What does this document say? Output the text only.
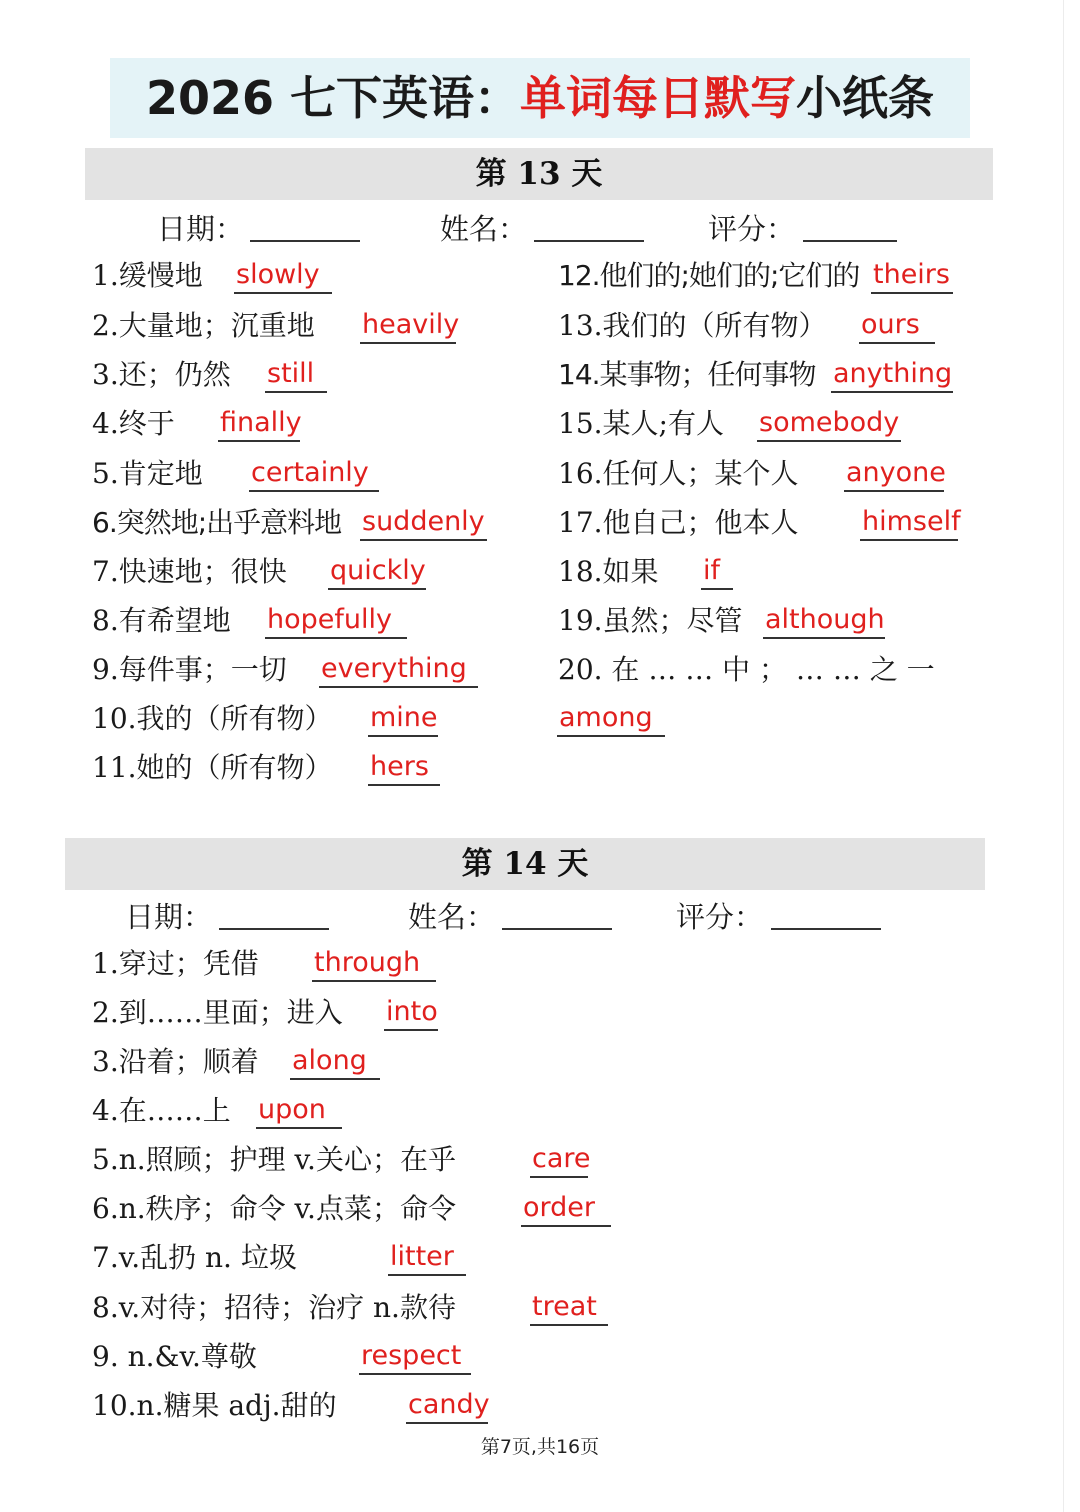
2026 七下英语：单词每日默写小纸条
第 13 天
日期：	姓名：	评分：
1.缓慢地 slowly
2.大量地；沉重地 heavily
3.还；仍然 still
4.终于 finally
5.肯定地 certainly
6.突然地;出乎意料地 suddenly
7.快速地；很快 quickly
8.有希望地 hopefully
9.每件事；一切 everything
10.我的（所有物） mine
11.她的（所有物） hers
12.他们的;她们的;它们的 theirs
13.我们的（所有物） ours
14.某事物；任何事物 anything
15.某人;有人 somebody
16.任何人；某个人 anyone
17.他自己；他本人 himself
18.如果 if
19.虽然；尽管 although
20. 在 … … 中 ； … … 之 一
among
第 14 天
日期：	姓名：	评分：
1.穿过；凭借 through
2.到……里面；进入 into
3.沿着；顺着 along
4.在……上 upon
5.n.照顾；护理 v.关心；在乎	care
6.n.秩序；命令 v.点菜；命令 order
7.v.乱扔 n. 垃圾	litter
8.v.对待；招待；治疗 n.款待	treat
9. n.&v.尊敬	respect
10.n.糖果 adj.甜的	candy
第7页,共16页
